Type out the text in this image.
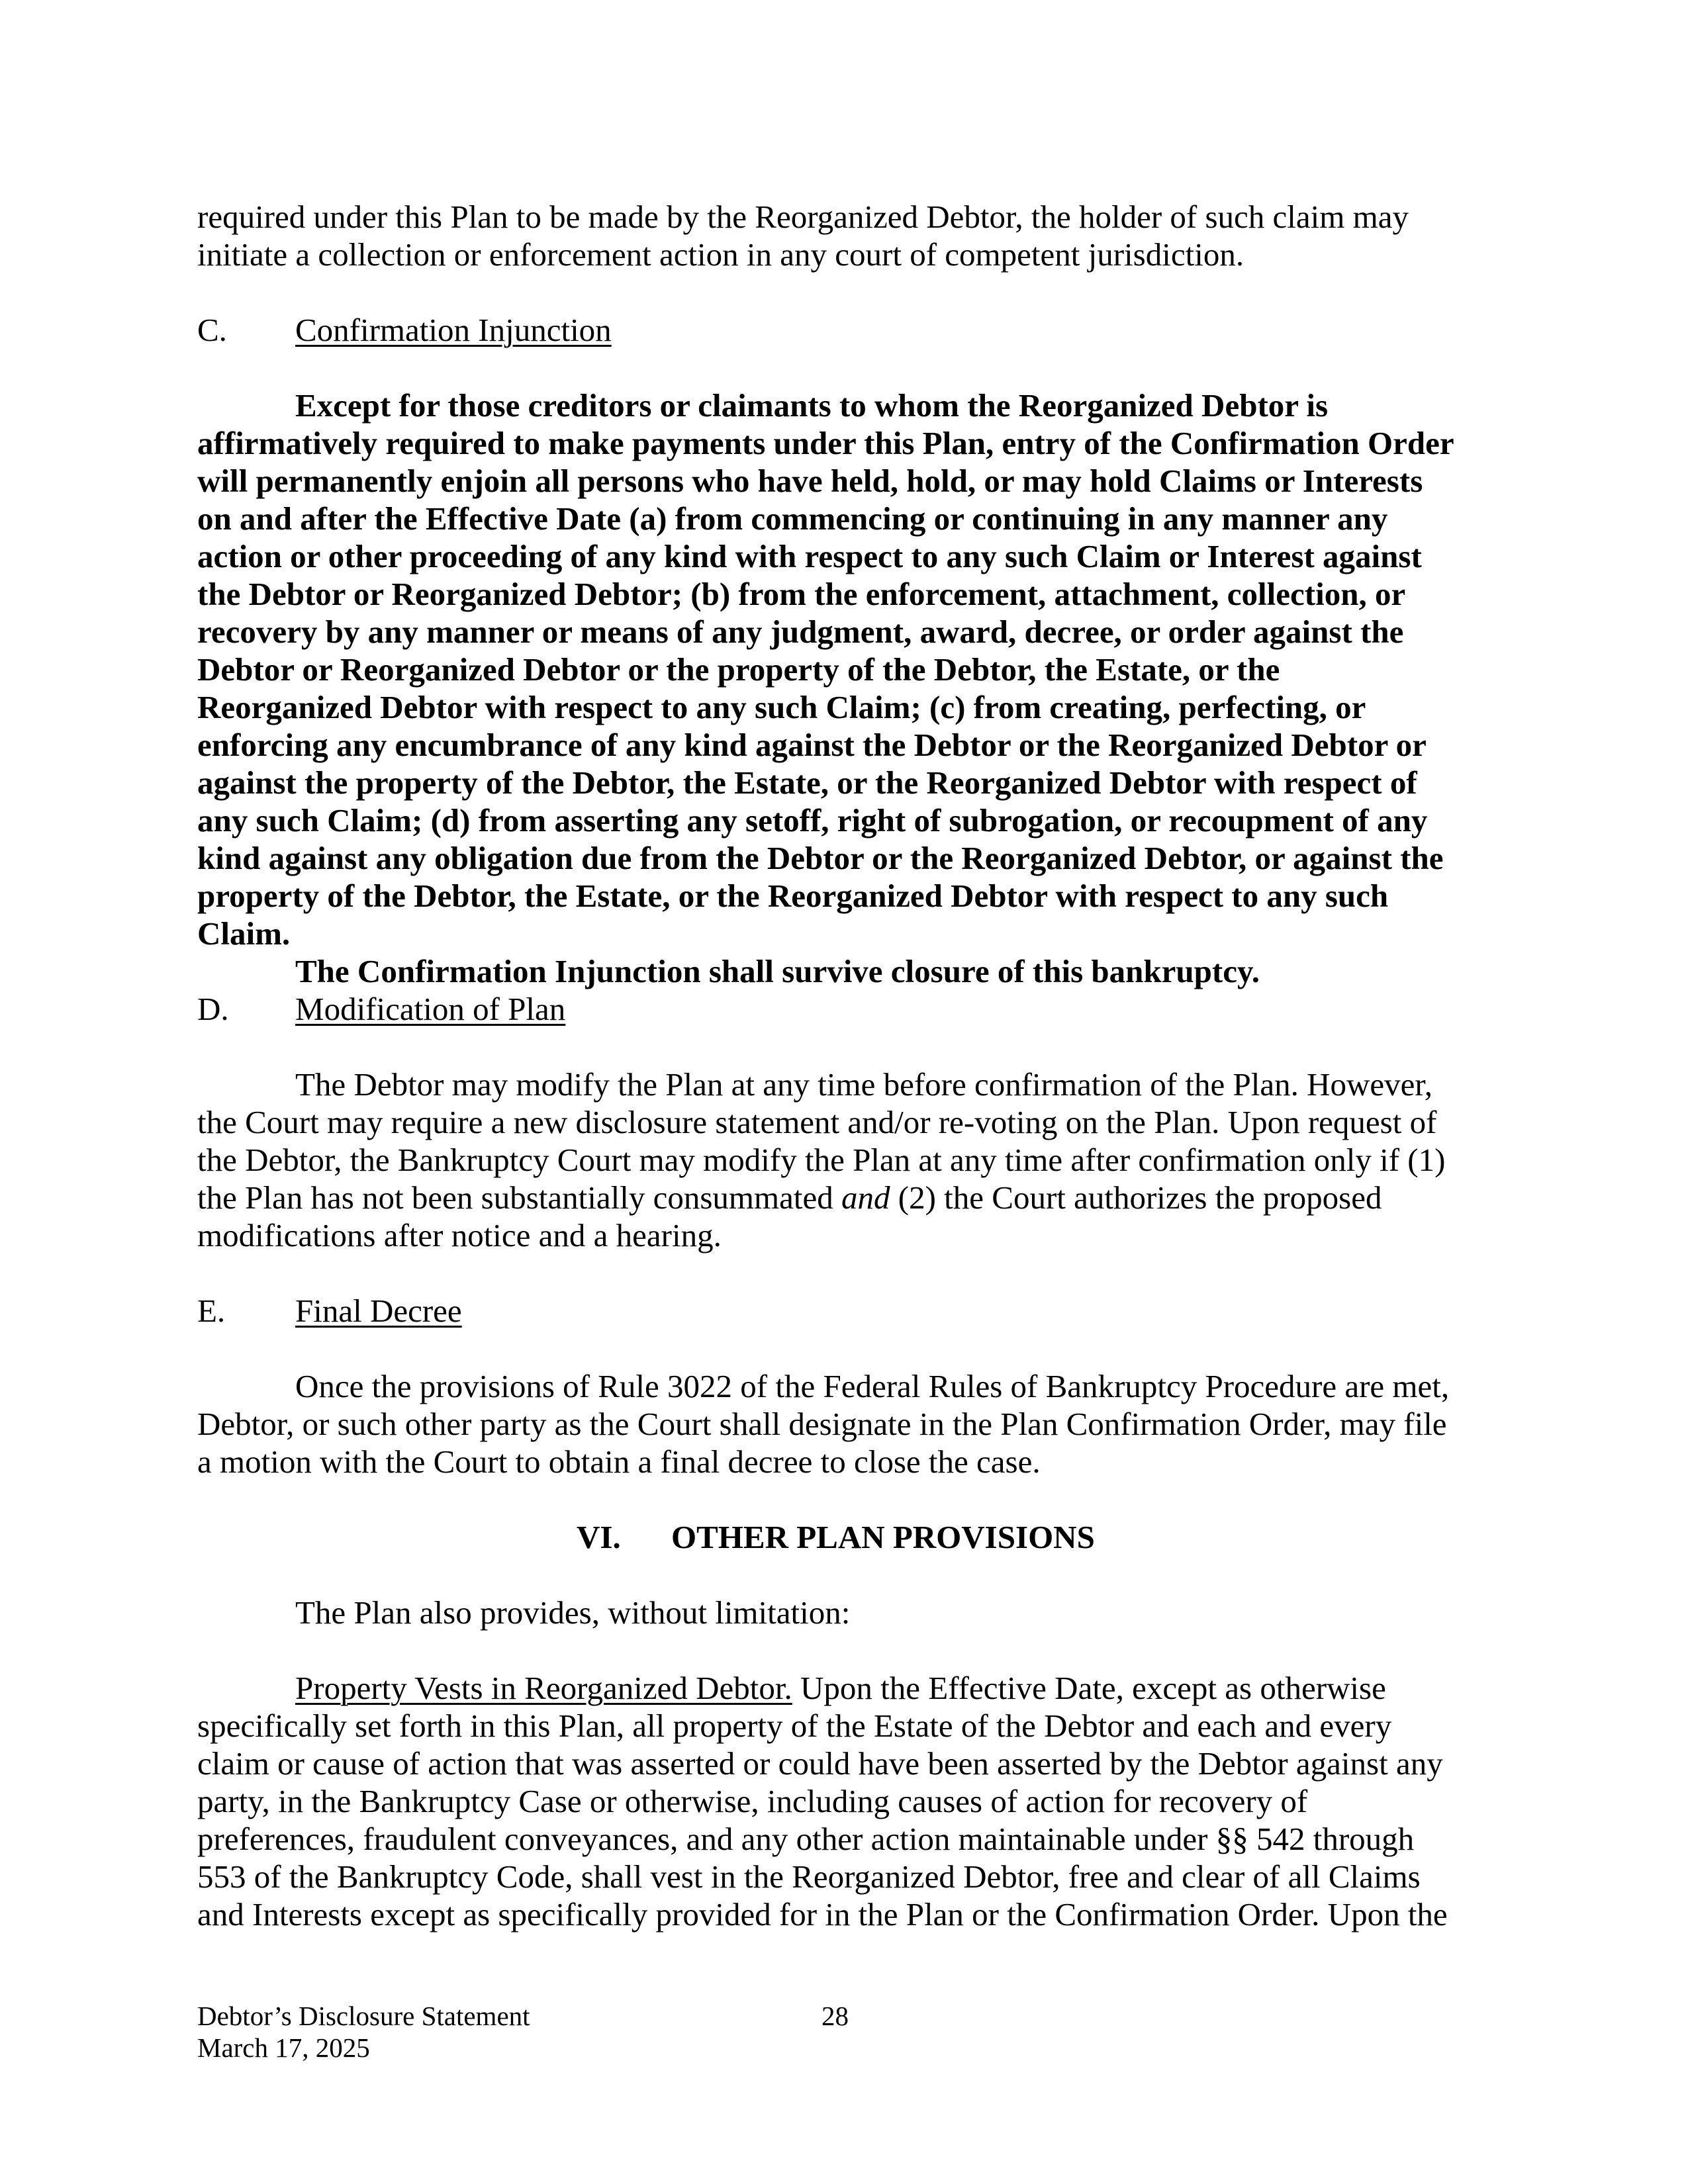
required under this Plan to be made by the Reorganized Debtor, the holder of such claim may
initiate a collection or enforcement action in any court of competent jurisdiction.
C. Confirmation Injunction
Except for those creditors or claimants to whom the Reorganized Debtor is
affirmatively required to make payments under this Plan, entry of the Confirmation Order
will permanently enjoin all persons who have held, hold, or may hold Claims or Interests
on and after the Effective Date (a) from commencing or continuing in any manner any
action or other proceeding of any kind with respect to any such Claim or Interest against
the Debtor or Reorganized Debtor; (b) from the enforcement, attachment, collection, or
recovery by any manner or means of any judgment, award, decree, or order against the
Debtor or Reorganized Debtor or the property of the Debtor, the Estate, or the
Reorganized Debtor with respect to any such Claim; (c) from creating, perfecting, or
enforcing any encumbrance of any kind against the Debtor or the Reorganized Debtor or
against the property of the Debtor, the Estate, or the Reorganized Debtor with respect of
any such Claim; (d) from asserting any setoff, right of subrogation, or recoupment of any
kind against any obligation due from the Debtor or the Reorganized Debtor, or against the
property of the Debtor, the Estate, or the Reorganized Debtor with respect to any such
Claim.
The Confirmation Injunction shall survive closure of this bankruptcy.
D. Modification of Plan
The Debtor may modify the Plan at any time before confirmation of the Plan. However,
the Court may require a new disclosure statement and/or re-voting on the Plan. Upon request of
the Debtor, the Bankruptcy Court may modify the Plan at any time after confirmation only if (1)
the Plan has not been substantially consummated and (2) the Court authorizes the proposed
modifications after notice and a hearing.
E. Final Decree
Once the provisions of Rule 3022 of the Federal Rules of Bankruptcy Procedure are met,
Debtor, or such other party as the Court shall designate in the Plan Confirmation Order, may file
a motion with the Court to obtain a final decree to close the case.
VI. OTHER PLAN PROVISIONS
The Plan also provides, without limitation:
Property Vests in Reorganized Debtor. Upon the Effective Date, except as otherwise
specifically set forth in this Plan, all property of the Estate of the Debtor and each and every
claim or cause of action that was asserted or could have been asserted by the Debtor against any
party, in the Bankruptcy Case or otherwise, including causes of action for recovery of
preferences, fraudulent conveyances, and any other action maintainable under §§ 542 through
553 of the Bankruptcy Code, shall vest in the Reorganized Debtor, free and clear of all Claims
and Interests except as specifically provided for in the Plan or the Confirmation Order. Upon the
Debtor’s Disclosure Statement
March 17, 2025
28
